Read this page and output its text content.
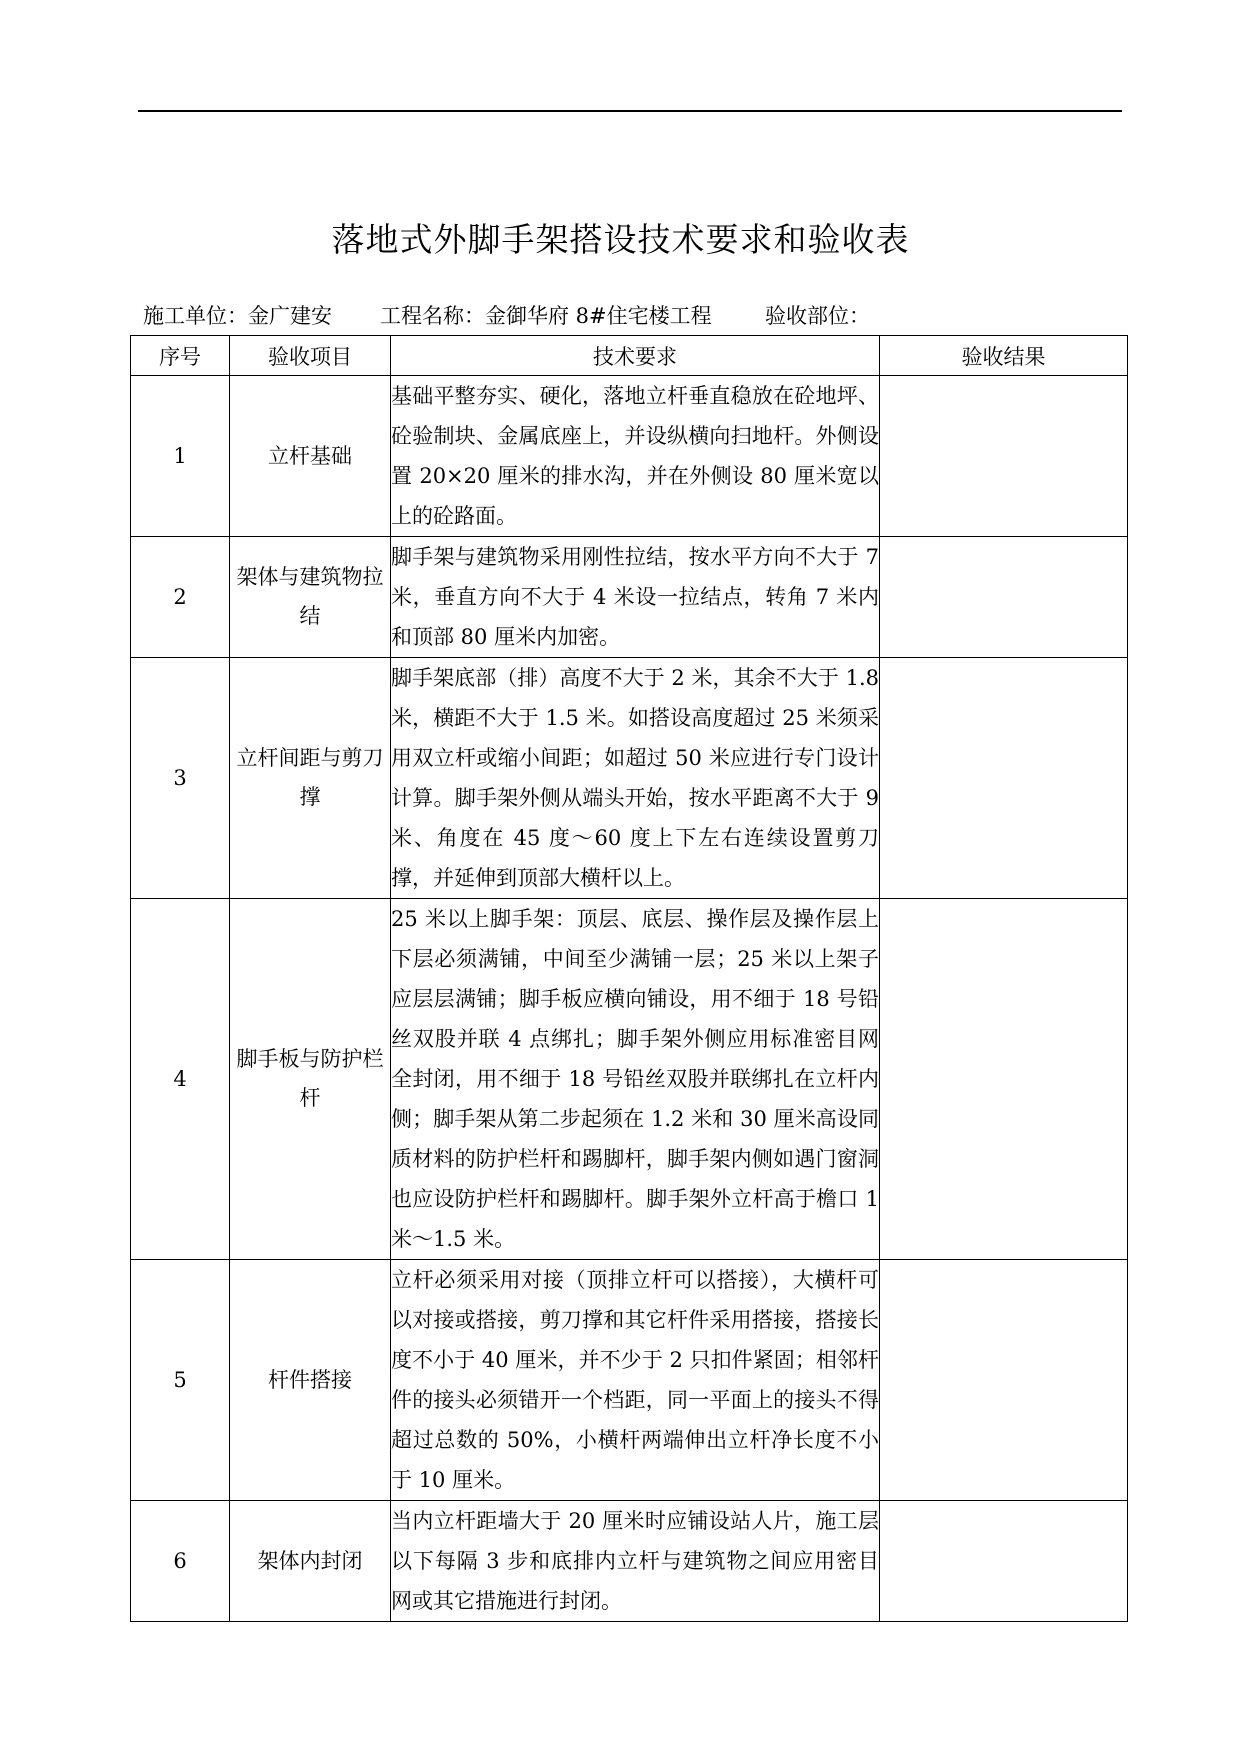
落地式外脚手架搭设技术要求和验收表
施工单位：金广建安 工程名称：金御华府 8#住宅楼工程	验收部位：
序号	验收项目	技术要求	验收结果
1	立杆基础	基础平整夯实、硬化，落地立杆垂直稳放在砼地坪、砼验制块、金属底座上，并设纵横向扫地杆。外侧设置 20×20 厘米的排水沟，并在外侧设 80 厘米宽以上的砼路面。	
2	架体与建筑物拉结	脚手架与建筑物采用刚性拉结，按水平方向不大于 7 米，垂直方向不大于 4 米设一拉结点，转角 7 米内和顶部 80 厘米内加密。	
3	立杆间距与剪刀撑	脚手架底部（排）高度不大于 2 米，其余不大于 1.8 米，横距不大于 1.5 米。如搭设高度超过 25 米须采用双立杆或缩小间距；如超过 50 米应进行专门设计计算。脚手架外侧从端头开始，按水平距离不大于 9 米、角度在 45 度～60 度上下左右连续设置剪刀撑，并延伸到顶部大横杆以上。	
4	脚手板与防护栏杆	25 米以上脚手架：顶层、底层、操作层及操作层上下层必须满铺，中间至少满铺一层；25 米以上架子应层层满铺；脚手板应横向铺设，用不细于 18 号铅丝双股并联 4 点绑扎；脚手架外侧应用标准密目网全封闭，用不细于 18 号铅丝双股并联绑扎在立杆内侧；脚手架从第二步起须在 1.2 米和 30 厘米高设同质材料的防护栏杆和踢脚杆，脚手架内侧如遇门窗洞也应设防护栏杆和踢脚杆。脚手架外立杆高于檐口 1 米～1.5 米。	
5	杆件搭接	立杆必须采用对接（顶排立杆可以搭接），大横杆可以对接或搭接，剪刀撑和其它杆件采用搭接，搭接长度不小于 40 厘米，并不少于 2 只扣件紧固；相邻杆件的接头必须错开一个档距，同一平面上的接头不得超过总数的 50%，小横杆两端伸出立杆净长度不小于 10 厘米。	
6	架体内封闭	当内立杆距墙大于 20 厘米时应铺设站人片，施工层以下每隔 3 步和底排内立杆与建筑物之间应用密目网或其它措施进行封闭。	
